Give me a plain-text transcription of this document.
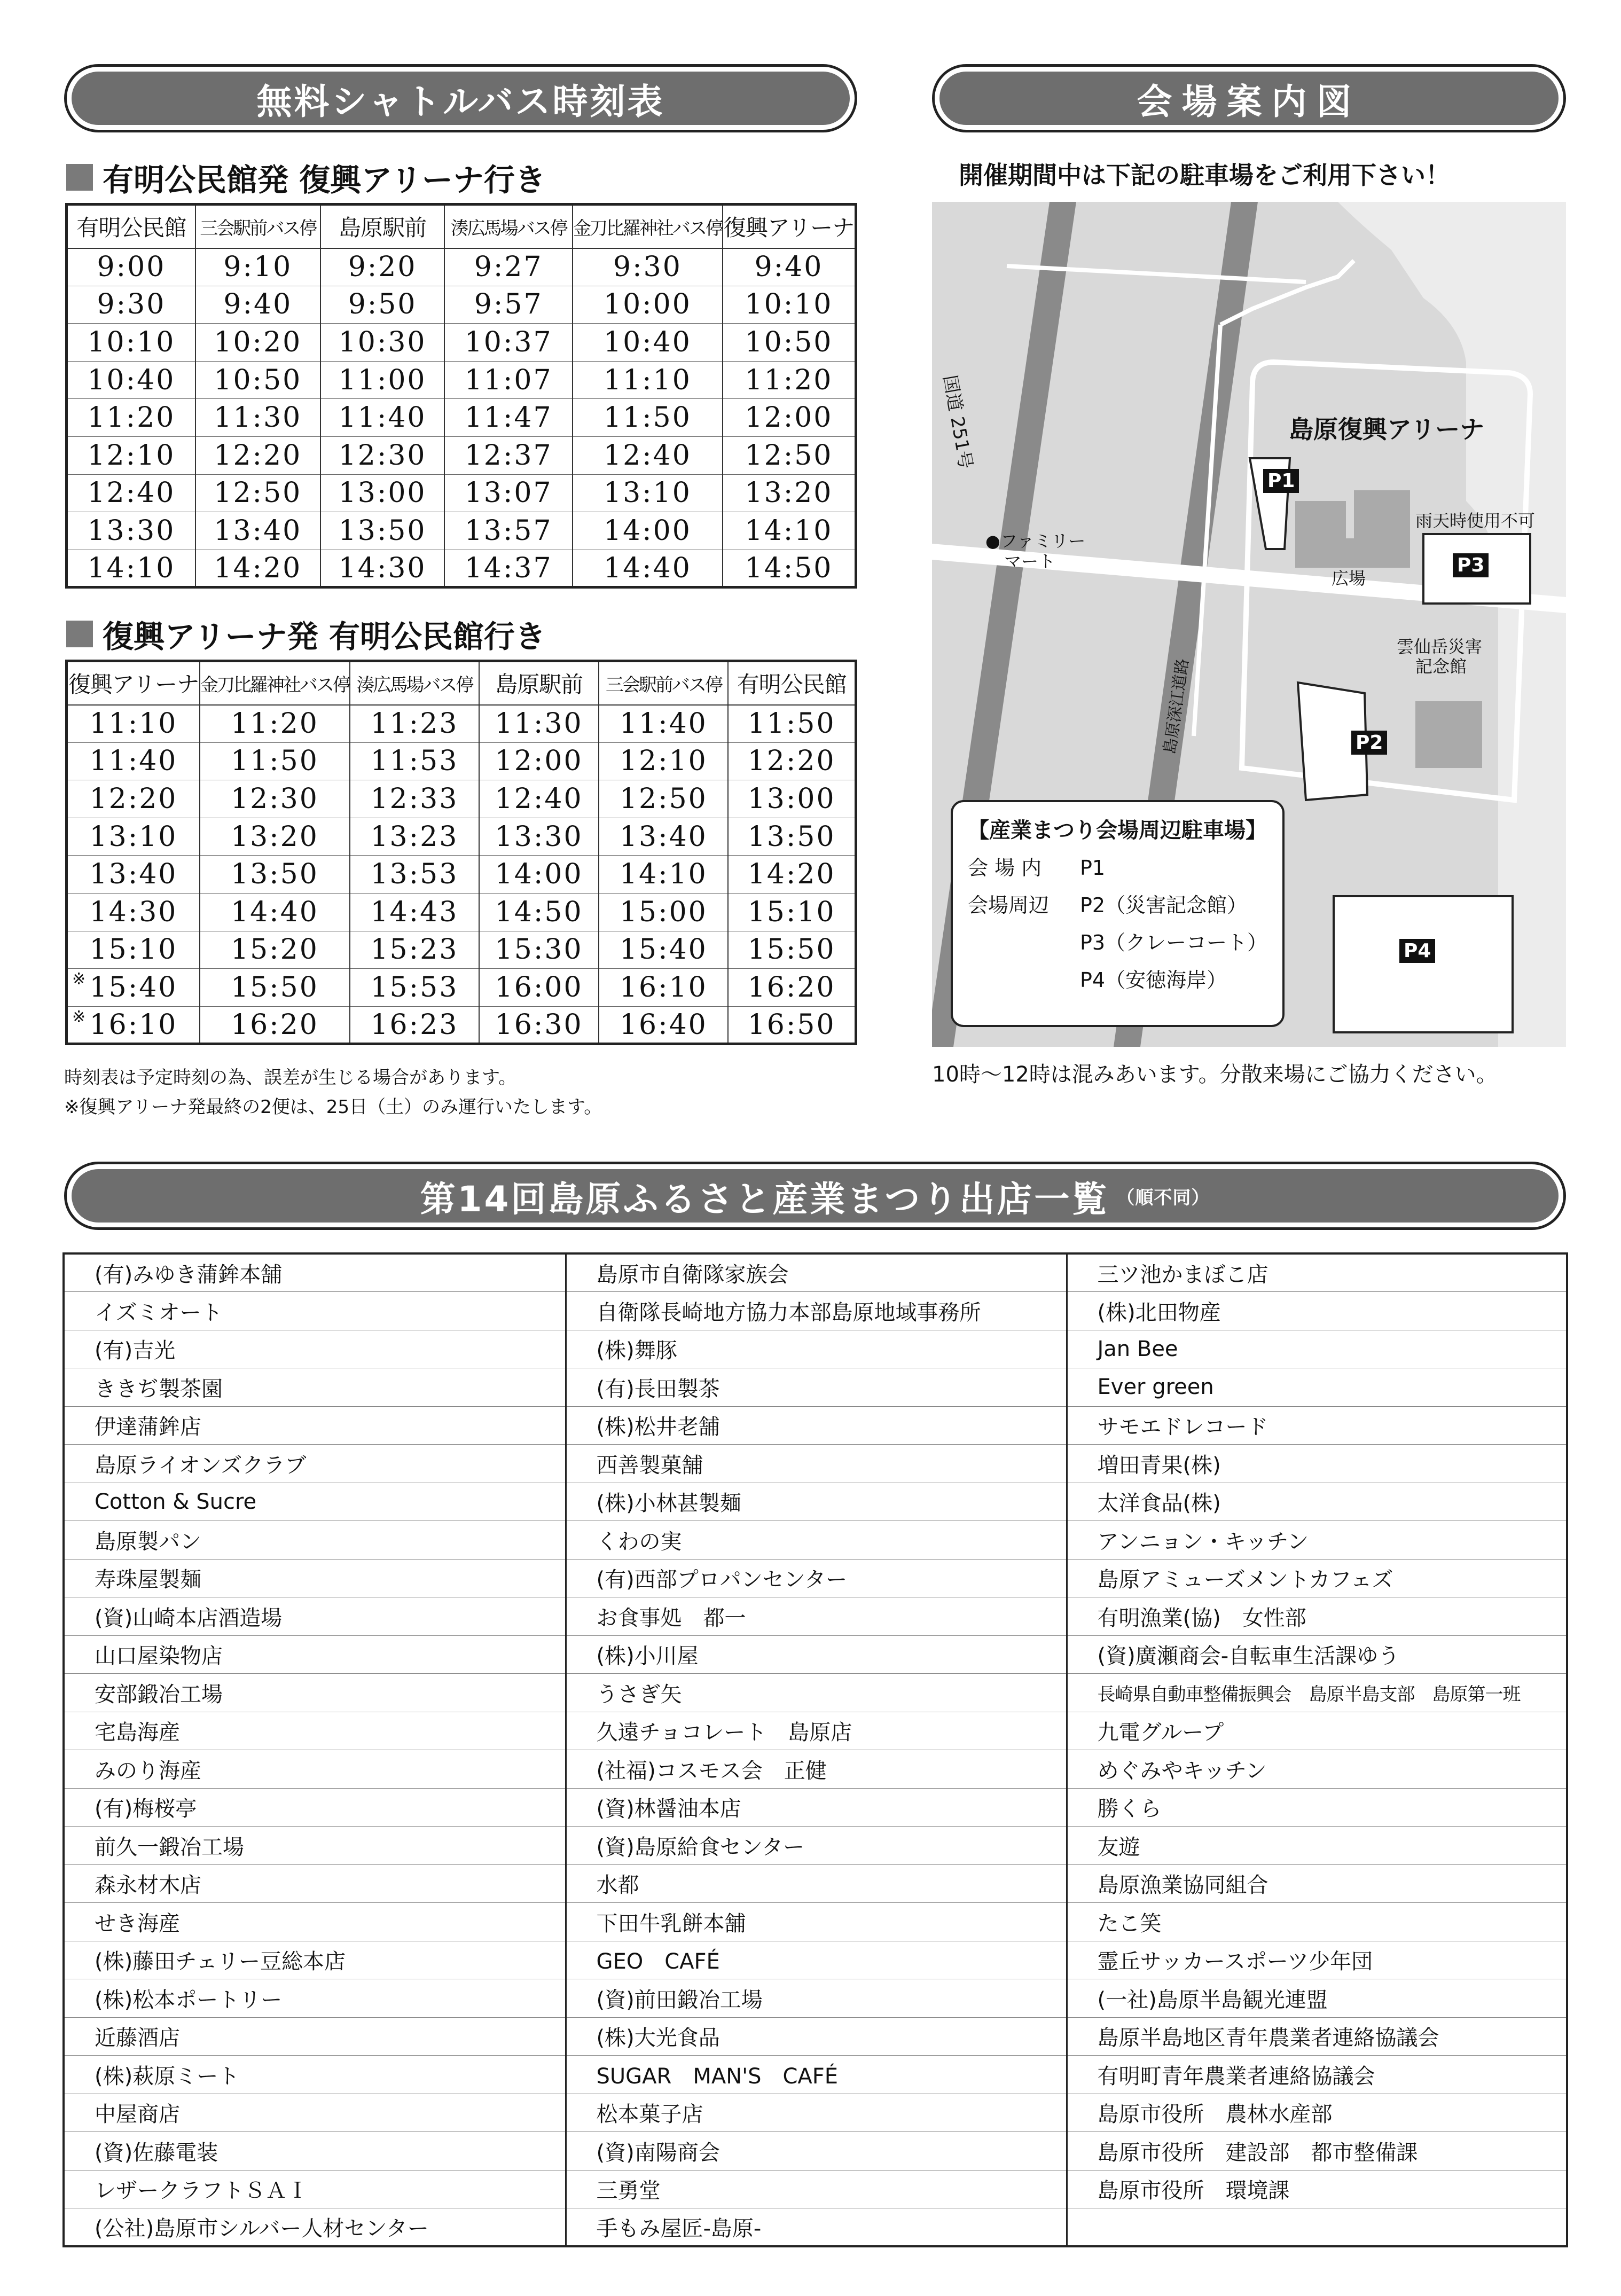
無料シャトルバス時刻表	会場案内図
有明公民館発 復興アリーナ行き
有明公民館	三会駅前バス停	島原駅前	湊広馬場バス停	金刀比羅神社バス停	復興アリーナ
9:00	9:10	9:20	9:27	9:30	9:40
9:30	9:40	9:50	9:57	10:00	10:10
10:10	10:20	10:30	10:37	10:40	10:50
10:40	10:50	11:00	11:07	11:10	11:20
11:20	11:30	11:40	11:47	11:50	12:00
12:10	12:20	12:30	12:37	12:40	12:50
12:40	12:50	13:00	13:07	13:10	13:20
13:30	13:40	13:50	13:57	14:00	14:10
14:10	14:20	14:30	14:37	14:40	14:50
復興アリーナ発 有明公民館行き
復興アリーナ	金刀比羅神社バス停	湊広馬場バス停	島原駅前	三会駅前バス停	有明公民館
11:10	11:20	11:23	11:30	11:40	11:50
11:40	11:50	11:53	12:00	12:10	12:20
12:20	12:30	12:33	12:40	12:50	13:00
13:10	13:20	13:23	13:30	13:40	13:50
13:40	13:50	13:53	14:00	14:10	14:20
14:30	14:40	14:43	14:50	15:00	15:10
15:10	15:20	15:23	15:30	15:40	15:50

※ 15:40	15:50	15:53	16:00	16:10	16:20

※ 16:10	16:20	16:23	16:30	16:40	16:50
時刻表は予定時刻の為、誤差が生じる場合があります。
※復興アリーナ発最終の2便は、25日（土）のみ運行いたします。
開催期間中は下記の駐車場をご利用下さい！
国道 251号
島原深江道路
島原復興アリーナ
●ファミリー
マート
広場
雨天時使用不可
雲仙岳災害
記念館
P1
P2
P3
P4
【産業まつり会場周辺駐車場】
会 場 内	P1
会場周辺	P2（災害記念館）
P3（クレーコート）
P4（安徳海岸）
10時～12時は混みあいます。分散来場にご協力ください。
第14回島原ふるさと産業まつり出店一覧 （順不同）
(有)みゆき蒲鉾本舗	島原市自衛隊家族会	三ツ池かまぼこ店
イズミオート	自衛隊長崎地方協力本部島原地域事務所	(株)北田物産
(有)吉光	(株)舞豚	Jan Bee
ききぢ製茶園	(有)長田製茶	Ever green
伊達蒲鉾店	(株)松井老舗	サモエドレコード
島原ライオンズクラブ	西善製菓舗	増田青果(株)
Cotton & Sucre	(株)小林甚製麺	太洋食品(株)
島原製パン	くわの実	アンニョン・キッチン
寿珠屋製麺	(有)西部プロパンセンター	島原アミューズメントカフェズ
(資)山崎本店酒造場	お食事処　都一	有明漁業(協)　女性部
山口屋染物店	(株)小川屋	(資)廣瀬商会-自転車生活課ゆう
安部鍛冶工場	うさぎ矢	長崎県自動車整備振興会　島原半島支部　島原第一班
宅島海産	久遠チョコレート　島原店	九電グループ
みのり海産	(社福)コスモス会　正健	めぐみやキッチン
(有)梅桜亭	(資)林醤油本店	勝くら
前久一鍛冶工場	(資)島原給食センター	友遊
森永材木店	水都	島原漁業協同組合
せき海産	下田牛乳餅本舗	たこ笑
(株)藤田チェリー豆総本店	GEO　CAFÉ	霊丘サッカースポーツ少年団
(株)松本ポートリー	(資)前田鍛冶工場	(一社)島原半島観光連盟
近藤酒店	(株)大光食品	島原半島地区青年農業者連絡協議会
(株)萩原ミート	SUGAR　MAN'S　CAFÉ	有明町青年農業者連絡協議会
中屋商店	松本菓子店	島原市役所　農林水産部
(資)佐藤電装	(資)南陽商会	島原市役所　建設部　都市整備課
レザークラフトＳＡＩ	三勇堂	島原市役所　環境課
(公社)島原市シルバー人材センター	手もみ屋匠-島原-	
